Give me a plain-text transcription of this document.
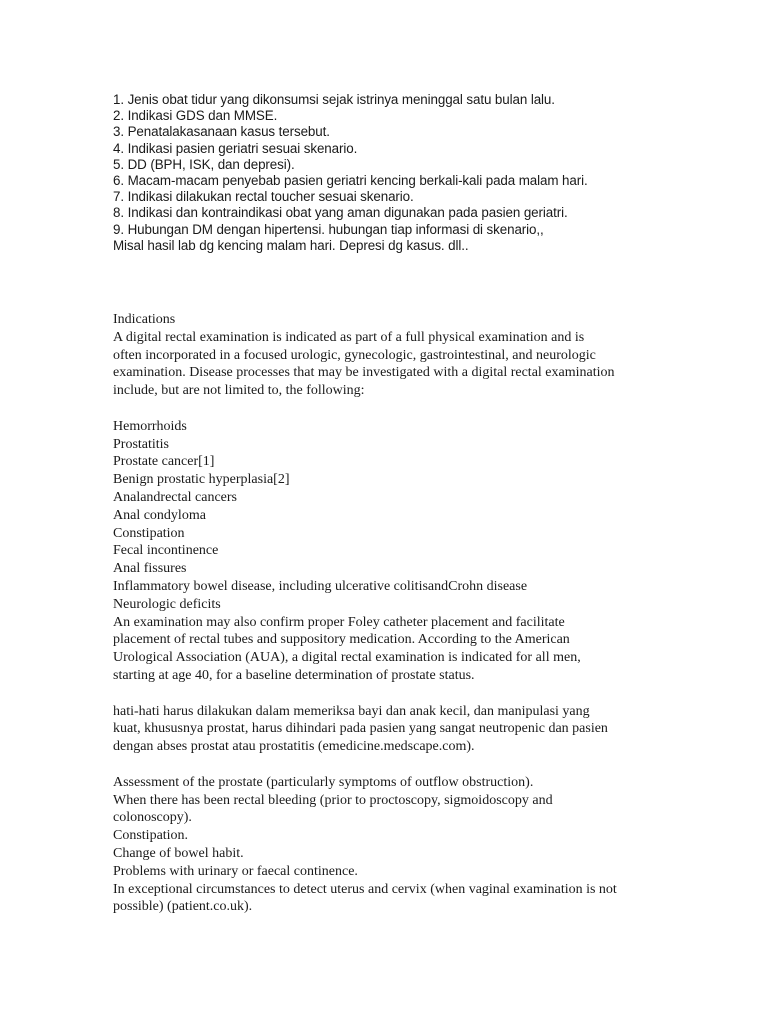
1. Jenis obat tidur yang dikonsumsi sejak istrinya meninggal satu bulan lalu.
2. Indikasi GDS dan MMSE.
3. Penatalakasanaan kasus tersebut.
4. Indikasi pasien geriatri sesuai skenario.
5. DD (BPH, ISK, dan depresi).
6. Macam-macam penyebab pasien geriatri kencing berkali-kali pada malam hari.
7. Indikasi dilakukan rectal toucher sesuai skenario.
8. Indikasi dan kontraindikasi obat yang aman digunakan pada pasien geriatri.
9. Hubungan DM dengan hipertensi. hubungan tiap informasi di skenario,,
Misal hasil lab dg kencing malam hari. Depresi dg kasus. dll..
Indications
A digital rectal examination is indicated as part of a full physical examination and is
often incorporated in a focused urologic, gynecologic, gastrointestinal, and neurologic
examination. Disease processes that may be investigated with a digital rectal examination
include, but are not limited to, the following:
Hemorrhoids
Prostatitis
Prostate cancer[1]
Benign prostatic hyperplasia[2]
Analandrectal cancers
Anal condyloma
Constipation
Fecal incontinence
Anal fissures
Inflammatory bowel disease, including ulcerative colitisandCrohn disease
Neurologic deficits
An examination may also confirm proper Foley catheter placement and facilitate
placement of rectal tubes and suppository medication. According to the American
Urological Association (AUA), a digital rectal examination is indicated for all men,
starting at age 40, for a baseline determination of prostate status.
hati-hati harus dilakukan dalam memeriksa bayi dan anak kecil, dan manipulasi yang
kuat, khususnya prostat, harus dihindari pada pasien yang sangat neutropenic dan pasien
dengan abses prostat atau prostatitis (emedicine.medscape.com).
Assessment of the prostate (particularly symptoms of outflow obstruction).
When there has been rectal bleeding (prior to proctoscopy, sigmoidoscopy and
colonoscopy).
Constipation.
Change of bowel habit.
Problems with urinary or faecal continence.
In exceptional circumstances to detect uterus and cervix (when vaginal examination is not
possible) (patient.co.uk).
